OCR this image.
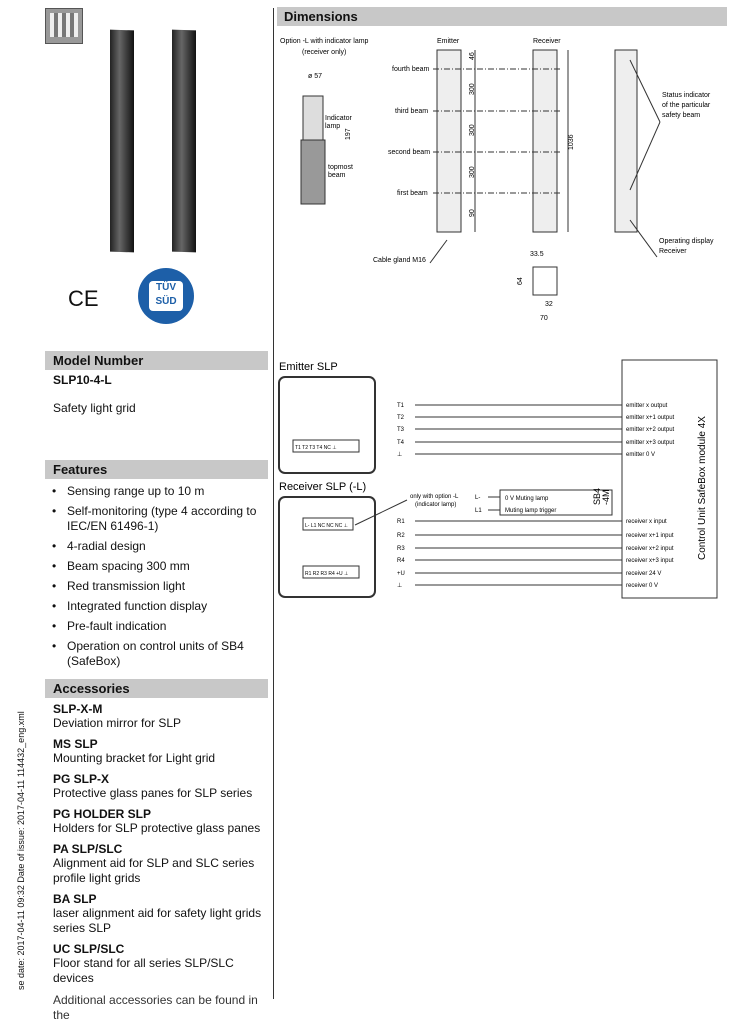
CE	TÜV SÜD
Model Number
SLP10-4-L
Safety light grid
Features
• Sensing range up to 10 m
• Self-monitoring (type 4 according to IEC/EN 61496-1)
• 4-radial design
• Beam spacing 300 mm
• Red transmission light
• Integrated function display
• Pre-fault indication
• Operation on control units of SB4 (SafeBox)
Accessories
SLP-X-M
Deviation mirror for SLP
MS SLP
Mounting bracket for Light grid
PG SLP-X
Protective glass panes for SLP series
PG HOLDER SLP
Holders for SLP protective glass panes
PA SLP/SLC
Alignment aid for SLP and SLC series profile light grids
BA SLP
laser alignment aid for safety light grids series SLP
UC SLP/SLC
Floor stand for all series SLP/SLC devices
Additional accessories can be found in the
se date: 2017-04-11 09:32 Date of issue: 2017-04-11 114432_eng.xml
Dimensions
Option -L with indicator lamp
(receiver only)
ø 57
Indicator
lamp
197
topmost
beam
Emitter	Receiver
fourth beam
third beam
second beam
first beam
46
300
300
300
90
1036
Cable gland M16
33.5
64
32
70
Status indicator
of the particular
safety beam
Operating display
Receiver
Emitter SLP
T1 T2 T3 T4 NC ⊥
Receiver SLP (-L)
L- L1 NC NC NC ⊥
R1 R2 R3 R4 +U ⊥
Control Unit SafeBox module 4X
only with option -L
(indicator lamp)
L-
L1
0 V Muting lamp
Muting lamp trigger
SB4 -4M
T1	emitter x output
T2	emitter x+1 output
T3	emitter x+2 output
T4	emitter x+3 output
⊥	emitter 0 V
R1	receiver x input
R2	receiver x+1 input
R3	receiver x+2 input
R4	receiver x+3 input
+U	receiver 24 V
⊥	receiver 0 V
